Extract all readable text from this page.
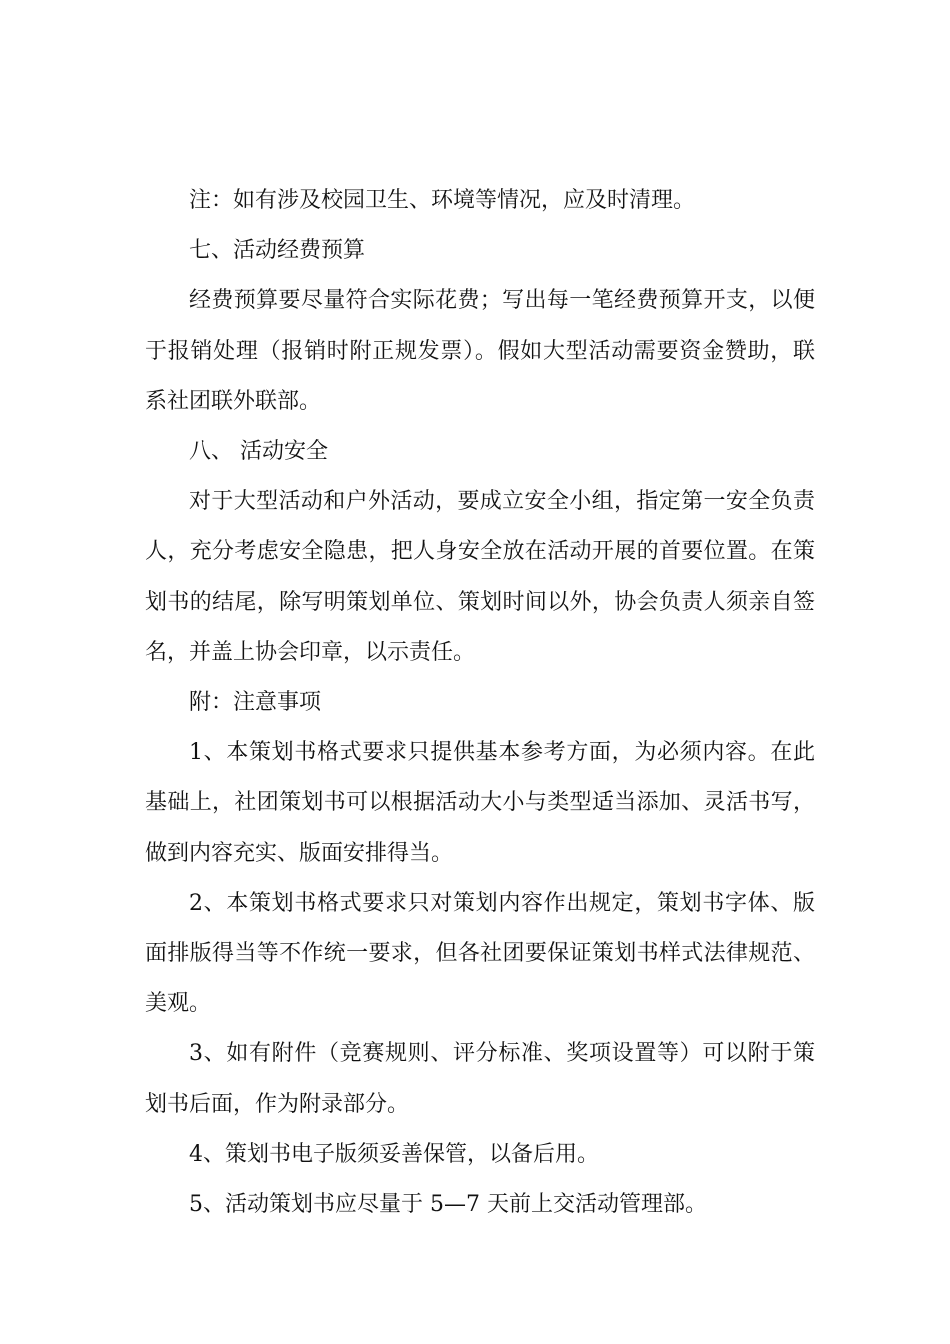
注：如有涉及校园卫生、环境等情况，应及时清理。

七、活动经费预算

经费预算要尽量符合实际花费；写出每一笔经费预算开支，以便于报销处理（报销时附正规发票）。假如大型活动需要资金赞助，联系社团联外联部。

八、 活动安全

对于大型活动和户外活动，要成立安全小组，指定第一安全负责人，充分考虑安全隐患，把人身安全放在活动开展的首要位置。在策划书的结尾，除写明策划单位、策划时间以外，协会负责人须亲自签名，并盖上协会印章，以示责任。

附：注意事项

1、本策划书格式要求只提供基本参考方面，为必须内容。在此基础上，社团策划书可以根据活动大小与类型适当添加、灵活书写，做到内容充实、版面安排得当。

2、本策划书格式要求只对策划内容作出规定，策划书字体、版面排版得当等不作统一要求，但各社团要保证策划书样式法律规范、美观。

3、如有附件（竞赛规则、评分标准、奖项设置等）可以附于策划书后面，作为附录部分。

4、策划书电子版须妥善保管，以备后用。

5、活动策划书应尽量于 5—7 天前上交活动管理部。
